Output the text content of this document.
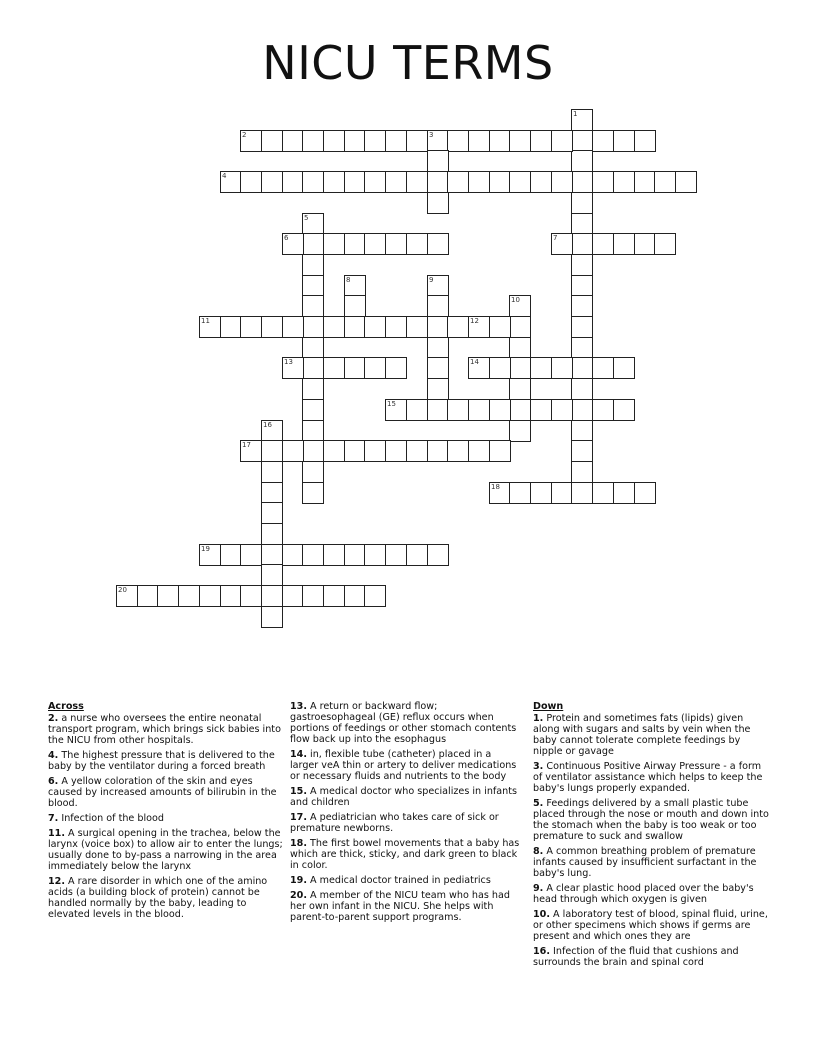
NICU TERMS
1
2	3
4
5
6	7
8	9
10
11	12
13	14
15
16
17
18
19
20
Across
2. a nurse who oversees the entire neonatal transport program, which brings sick babies into the NICU from other hospitals.
4. The highest pressure that is delivered to the baby by the ventilator during a forced breath
6. A yellow coloration of the skin and eyes caused by increased amounts of bilirubin in the blood.
7. Infection of the blood
11. A surgical opening in the trachea, below the larynx (voice box) to allow air to enter the lungs; usually done to by-pass a narrowing in the area immediately below the larynx
12. A rare disorder in which one of the amino acids (a building block of protein) cannot be handled normally by the baby, leading to elevated levels in the blood.
13. A return or backward flow; gastroesophageal (GE) reflux occurs when portions of feedings or other stomach contents flow back up into the esophagus
14. in, flexible tube (catheter) placed in a larger veA thin or artery to deliver medications or necessary fluids and nutrients to the body
15. A medical doctor who specializes in infants and children
17. A pediatrician who takes care of sick or premature newborns.
18. The first bowel movements that a baby has which are thick, sticky, and dark green to black in color.
19. A medical doctor trained in pediatrics
20. A member of the NICU team who has had her own infant in the NICU. She helps with parent-to-parent support programs.
Down
1. Protein and sometimes fats (lipids) given along with sugars and salts by vein when the baby cannot tolerate complete feedings by nipple or gavage
3. Continuous Positive Airway Pressure - a form of ventilator assistance which helps to keep the baby's lungs properly expanded.
5. Feedings delivered by a small plastic tube placed through the nose or mouth and down into the stomach when the baby is too weak or too premature to suck and swallow
8. A common breathing problem of premature infants caused by insufficient surfactant in the baby's lung.
9. A clear plastic hood placed over the baby's head through which oxygen is given
10. A laboratory test of blood, spinal fluid, urine, or other specimens which shows if germs are present and which ones they are
16. Infection of the fluid that cushions and surrounds the brain and spinal cord
